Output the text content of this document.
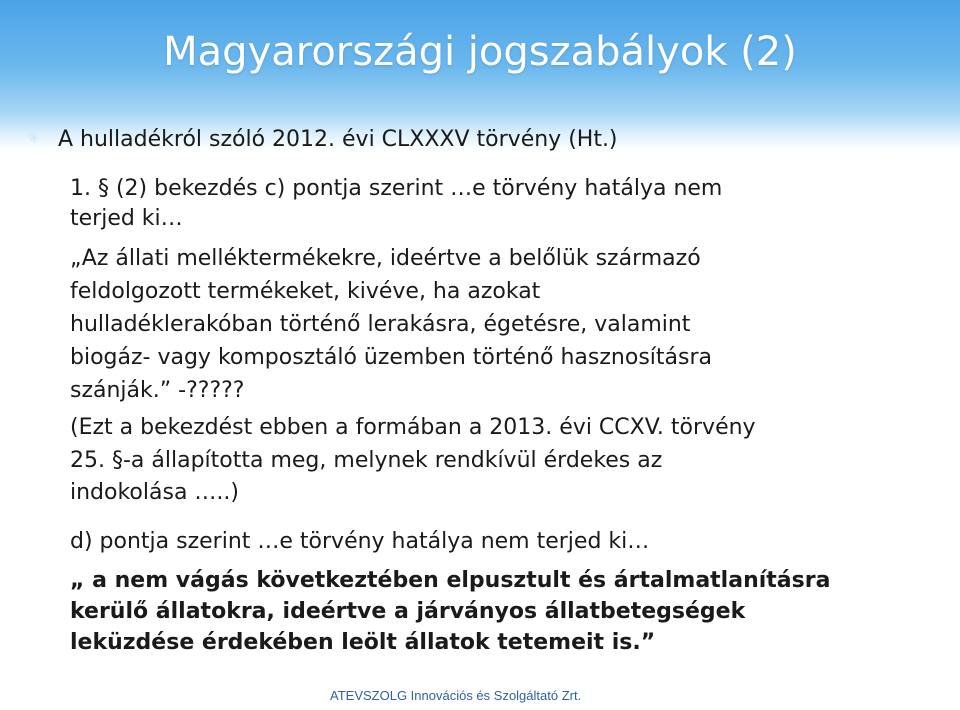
Magyarországi jogszabályok (2)
✳ A hulladékról szóló 2012. évi CLXXXV törvény (Ht.)
1. § (2) bekezdés c) pontja szerint …e törvény hatálya nem
terjed ki…
„Az állati melléktermékekre, ideértve a belőlük származó
feldolgozott termékeket, kivéve, ha azokat
hulladéklerakóban történő lerakásra, égetésre, valamint
biogáz- vagy komposztáló üzemben történő hasznosításra
szánják.” -?????
(Ezt a bekezdést ebben a formában a 2013. évi CCXV. törvény
25. §-a állapította meg, melynek rendkívül érdekes az
indokolása …..)
d) pontja szerint …e törvény hatálya nem terjed ki…
„ a nem vágás következtében elpusztult és ártalmatlanításra
kerülő állatokra, ideértve a járványos állatbetegségek
leküzdése érdekében leölt állatok tetemeit is.”
ATEVSZOLG Innovációs és Szolgáltató Zrt.
